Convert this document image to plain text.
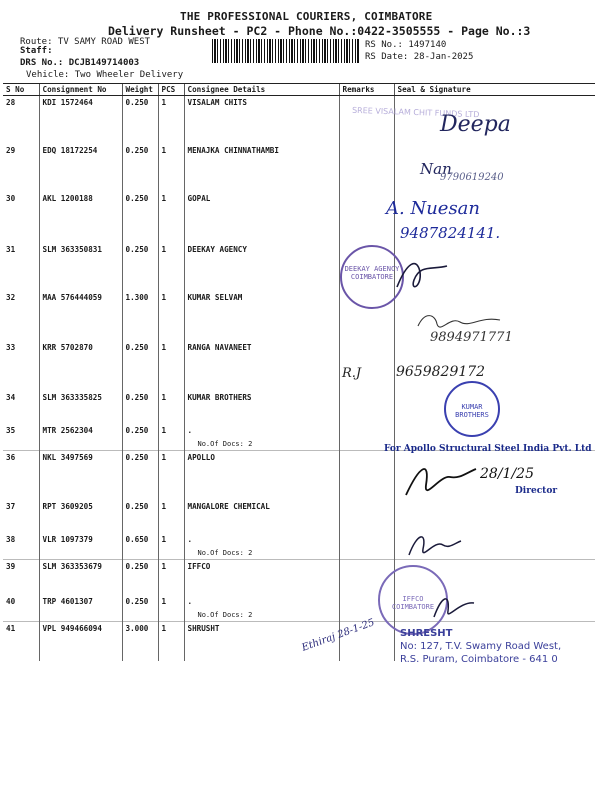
THE PROFESSIONAL COURIERS, COIMBATORE
Delivery Runsheet - PC2 - Phone No.:0422-3505555 - Page No.:3
Route: TV SAMY ROAD WEST
Staff:
DRS No.: DCJB149714003
Vehicle: Two Wheeler Delivery
RS No.: 1497140
RS Date: 28-Jan-2025
S No	Consignment No	Weight	PCS	Consignee Details	Remarks	Seal & Signature
28	KDI 1572464	0.250	1	VISALAM CHITS		
29	EDQ 18172254	0.250	1	MENAJKA CHINNATHAMBI		
30	AKL 1200188	0.250	1	GOPAL		
31	SLM 363350831	0.250	1	DEEKAY AGENCY		
32	MAA 576444059	1.300	1	KUMAR SELVAM		
33	KRR 5702870	0.250	1	RANGA NAVANEET		
34	SLM 363335825	0.250	1	KUMAR BROTHERS		
35	MTR 2562304	0.250	1	.
No.Of Docs: 2		

36	NKL 3497569	0.250	1	APOLLO		
37	RPT 3609205	0.250	1	MANGALORE CHEMICAL		
38	VLR 1097379	0.650	1	.
No.Of Docs: 2		

39	SLM 363353679	0.250	1	IFFCO		
40	TRP 4601307	0.250	1	.
No.Of Docs: 2		

41	VPL 949466094	3.000	1	SHRUSHT		
SREE VISALAM CHIT FUNDS LTD
Deepa
Nan
9790619240
A. Nuesan
9487824141.
DEEKAY AGENCY COIMBATORE
9894971771
R.J 9659829172
KUMAR BROTHERS
For Apollo Structural Steel India Pvt. Ltd
28/1/25
Director
IFFCO COIMBATORE
Ethiraj 28-1-25 SHRESHT
No: 127, T.V. Swamy Road West,
R.S. Puram, Coimbatore - 641 0
